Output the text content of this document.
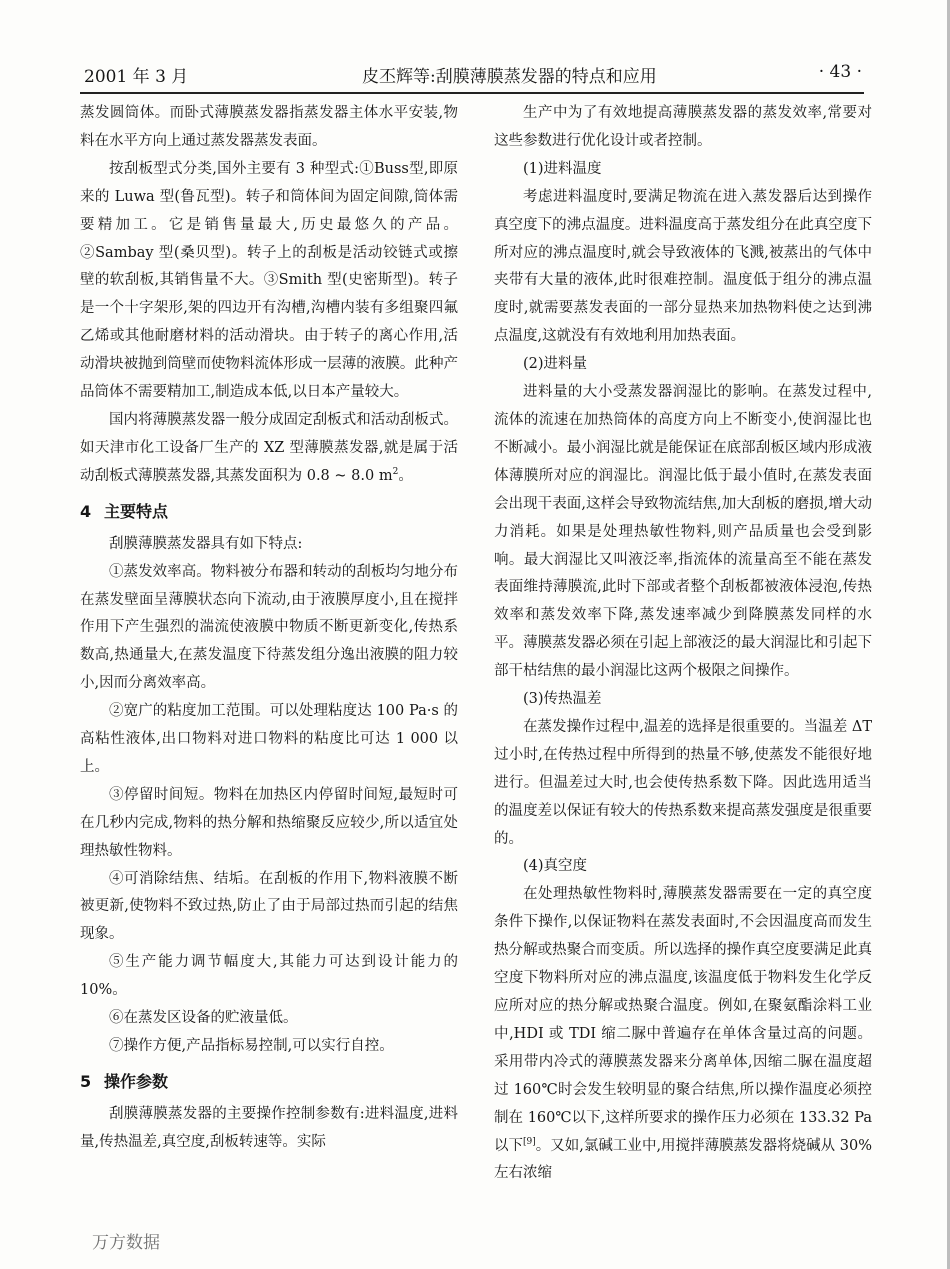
2001 年 3 月	皮丕辉等:刮膜薄膜蒸发器的特点和应用	· 43 ·

蒸发圆筒体。而卧式薄膜蒸发器指蒸发器主体水平安装,物料在水平方向上通过蒸发器蒸发表面。

按刮板型式分类,国外主要有 3 种型式:①Buss型,即原来的 Luwa 型(鲁瓦型)。转子和筒体间为固定间隙,筒体需要精加工。它是销售量最大,历史最悠久的产品。②Sambay 型(桑贝型)。转子上的刮板是活动铰链式或擦壁的软刮板,其销售量不大。③Smith 型(史密斯型)。转子是一个十字架形,架的四边开有沟槽,沟槽内装有多组聚四氟乙烯或其他耐磨材料的活动滑块。由于转子的离心作用,活动滑块被抛到筒壁而使物料流体形成一层薄的液膜。此种产品筒体不需要精加工,制造成本低,以日本产量较大。

国内将薄膜蒸发器一般分成固定刮板式和活动刮板式。如天津市化工设备厂生产的 XZ 型薄膜蒸发器,就是属于活动刮板式薄膜蒸发器,其蒸发面积为 0.8 ~ 8.0 $m^2$。

4 主要特点

刮膜薄膜蒸发器具有如下特点:

①蒸发效率高。物料被分布器和转动的刮板均匀地分布在蒸发壁面呈薄膜状态向下流动,由于液膜厚度小,且在搅拌作用下产生强烈的湍流使液膜中物质不断更新变化,传热系数高,热通量大,在蒸发温度下待蒸发组分逸出液膜的阻力较小,因而分离效率高。

②宽广的粘度加工范围。可以处理粘度达 100 Pa·s 的高粘性液体,出口物料对进口物料的粘度比可达 1 000 以上。

③停留时间短。物料在加热区内停留时间短,最短时可在几秒内完成,物料的热分解和热缩聚反应较少,所以适宜处理热敏性物料。

④可消除结焦、结垢。在刮板的作用下,物料液膜不断被更新,使物料不致过热,防止了由于局部过热而引起的结焦现象。

⑤生产能力调节幅度大,其能力可达到设计能力的 10%。

⑥在蒸发区设备的贮液量低。

⑦操作方便,产品指标易控制,可以实行自控。

5 操作参数

刮膜薄膜蒸发器的主要操作控制参数有:进料温度,进料量,传热温差,真空度,刮板转速等。实际

生产中为了有效地提高薄膜蒸发器的蒸发效率,常要对这些参数进行优化设计或者控制。

(1)进料温度

考虑进料温度时,要满足物流在进入蒸发器后达到操作真空度下的沸点温度。进料温度高于蒸发组分在此真空度下所对应的沸点温度时,就会导致液体的飞溅,被蒸出的气体中夹带有大量的液体,此时很难控制。温度低于组分的沸点温度时,就需要蒸发表面的一部分显热来加热物料使之达到沸点温度,这就没有有效地利用加热表面。

(2)进料量

进料量的大小受蒸发器润湿比的影响。在蒸发过程中,流体的流速在加热筒体的高度方向上不断变小,使润湿比也不断减小。最小润湿比就是能保证在底部刮板区域内形成液体薄膜所对应的润湿比。润湿比低于最小值时,在蒸发表面会出现干表面,这样会导致物流结焦,加大刮板的磨损,增大动力消耗。如果是处理热敏性物料,则产品质量也会受到影响。最大润湿比又叫液泛率,指流体的流量高至不能在蒸发表面维持薄膜流,此时下部或者整个刮板都被液体浸泡,传热效率和蒸发效率下降,蒸发速率减少到降膜蒸发同样的水平。薄膜蒸发器必须在引起上部液泛的最大润湿比和引起下部干枯结焦的最小润湿比这两个极限之间操作。

(3)传热温差

在蒸发操作过程中,温差的选择是很重要的。当温差 ΔT 过小时,在传热过程中所得到的热量不够,使蒸发不能很好地进行。但温差过大时,也会使传热系数下降。因此选用适当的温度差以保证有较大的传热系数来提高蒸发强度是很重要的。

(4)真空度

在处理热敏性物料时,薄膜蒸发器需要在一定的真空度条件下操作,以保证物料在蒸发表面时,不会因温度高而发生热分解或热聚合而变质。所以选择的操作真空度要满足此真空度下物料所对应的沸点温度,该温度低于物料发生化学反应所对应的热分解或热聚合温度。例如,在聚氨酯涂料工业中,HDI 或 TDI 缩二脲中普遍存在单体含量过高的问题。采用带内冷式的薄膜蒸发器来分离单体,因缩二脲在温度超过 160℃时会发生较明显的聚合结焦,所以操作温度必须控制在 160℃以下,这样所要求的操作压力必须在 133.32 Pa 以下[9]。又如,氯碱工业中,用搅拌薄膜蒸发器将烧碱从 30%左右浓缩

万方数据
